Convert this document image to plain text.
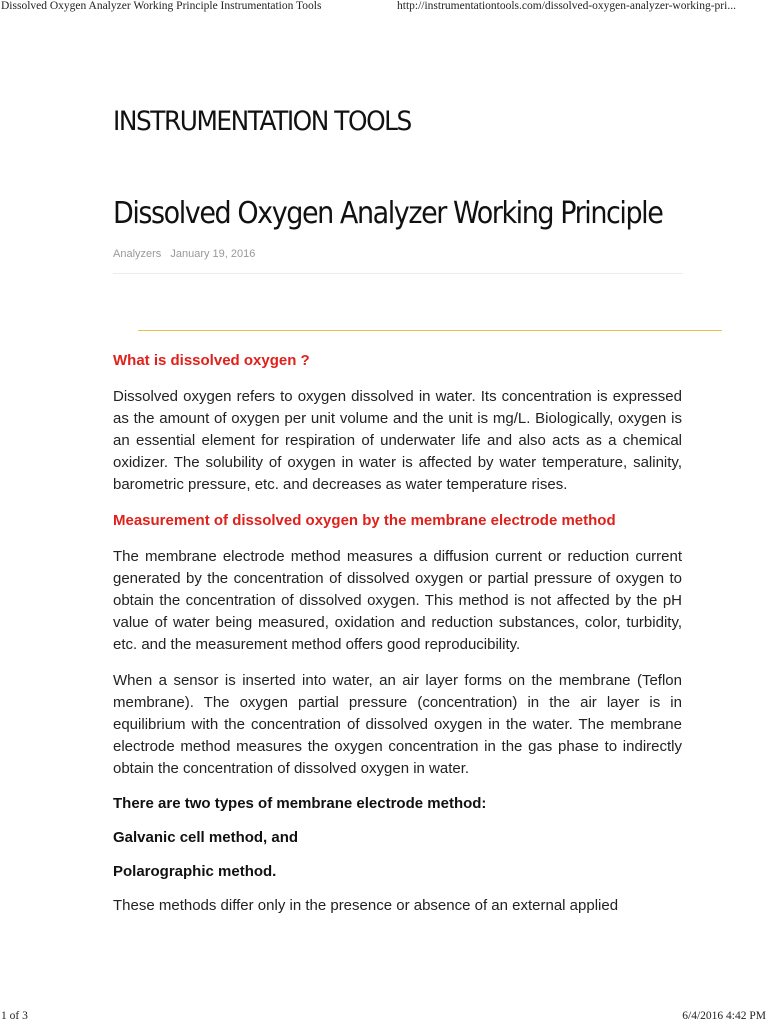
Dissolved Oxygen Analyzer Working Principle Instrumentation Tools	http://instrumentationtools.com/dissolved-oxygen-analyzer-working-pri...
INSTRUMENTATION TOOLS
Dissolved Oxygen Analyzer Working Principle
Analyzers January 19, 2016
What is dissolved oxygen ?

Dissolved oxygen refers to oxygen dissolved in water. Its concentration is expressed as the amount of oxygen per unit volume and the unit is mg/L. Biologically, oxygen is an essential element for respiration of underwater life and also acts as a chemical oxidizer. The solubility of oxygen in water is affected by water temperature, salinity, barometric pressure, etc. and decreases as water temperature rises.

Measurement of dissolved oxygen by the membrane electrode method

The membrane electrode method measures a diffusion current or reduction current generated by the concentration of dissolved oxygen or partial pressure of oxygen to obtain the concentration of dissolved oxygen. This method is not affected by the pH value of water being measured, oxidation and reduction substances, color, turbidity, etc. and the measurement method offers good reproducibility.

When a sensor is inserted into water, an air layer forms on the membrane (Teflon membrane). The oxygen partial pressure (concentration) in the air layer is in equilibrium with the concentration of dissolved oxygen in the water. The membrane electrode method measures the oxygen concentration in the gas phase to indirectly obtain the concentration of dissolved oxygen in water.

There are two types of membrane electrode method:
Galvanic cell method, and
Polarographic method.

These methods differ only in the presence or absence of an external applied

1 of 3	6/4/2016 4:42 PM
